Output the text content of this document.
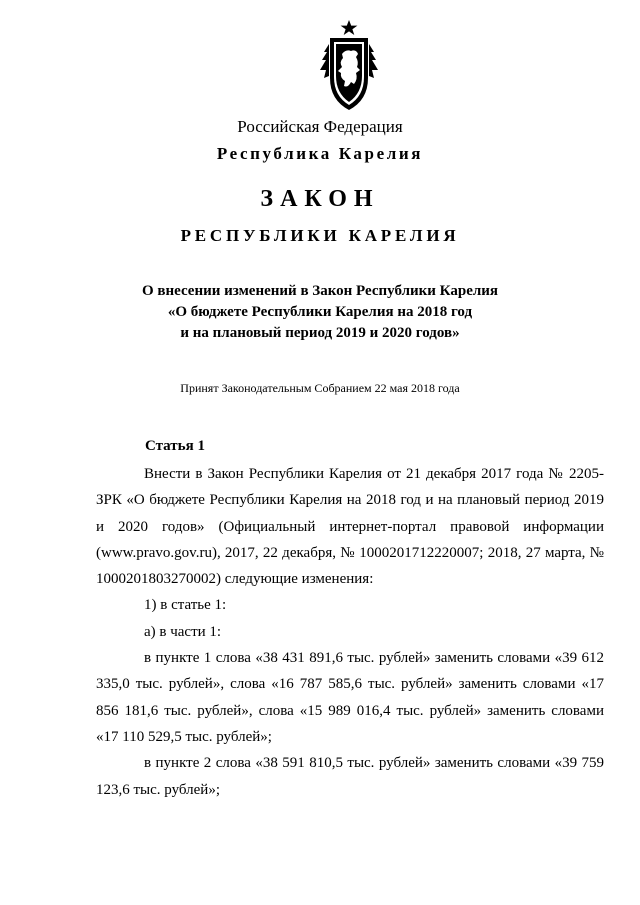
Российская Федерация
Республика Карелия
ЗАКОН
РЕСПУБЛИКИ КАРЕЛИЯ
О внесении изменений в Закон Республики Карелия
«О бюджете Республики Карелия на 2018 год
и на плановый период 2019 и 2020 годов»
Принят Законодательным Собранием 22 мая 2018 года
Статья 1

Внести в Закон Республики Карелия от 21 декабря 2017 года № 2205-ЗРК «О бюджете Республики Карелия на 2018 год и на плановый период 2019 и 2020 годов» (Официальный интернет-портал правовой информации (www.pravo.gov.ru), 2017, 22 декабря, № 1000201712220007; 2018, 27 марта, № 1000201803270002) следующие изменения:

1) в статье 1:

а) в части 1:

в пункте 1 слова «38 431 891,6 тыс. рублей» заменить словами «39 612 335,0 тыс. рублей», слова «16 787 585,6 тыс. рублей» заменить словами «17 856 181,6 тыс. рублей», слова «15 989 016,4 тыс. рублей» заменить словами «17 110 529,5 тыс. рублей»;

в пункте 2 слова «38 591 810,5 тыс. рублей» заменить словами «39 759 123,6 тыс. рублей»;
